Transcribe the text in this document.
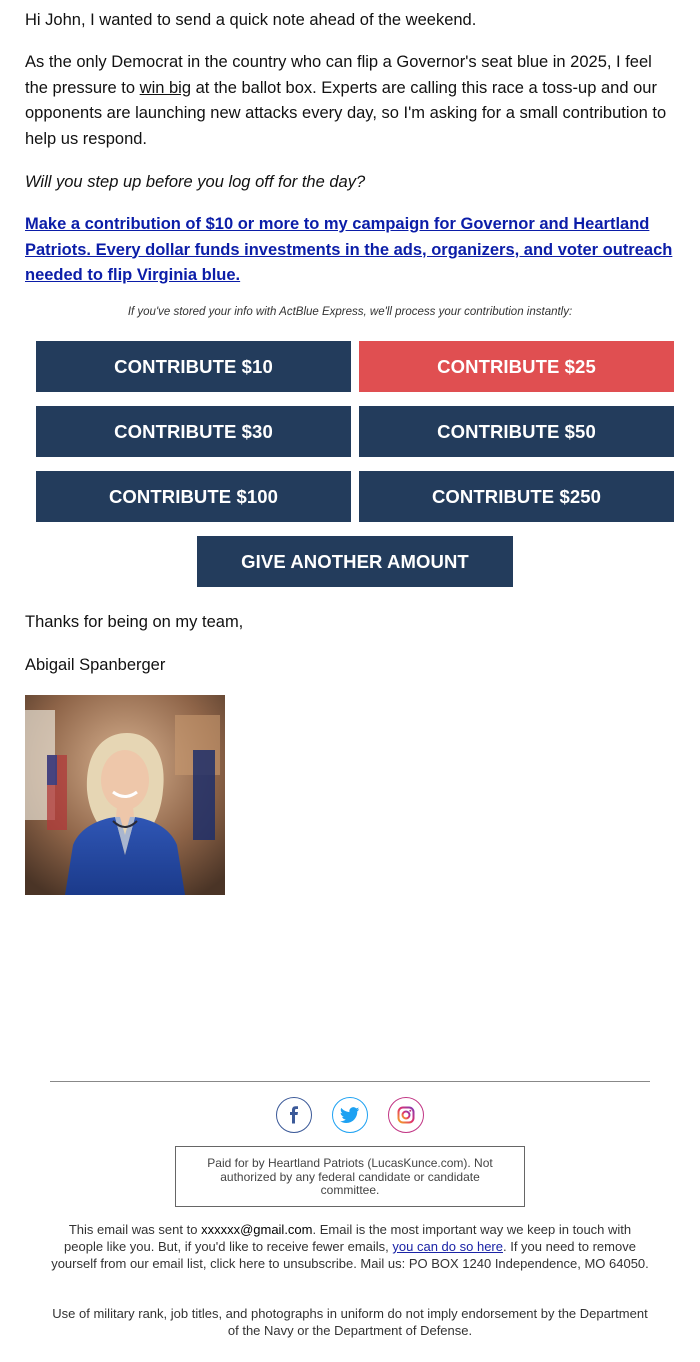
Hi John, I wanted to send a quick note ahead of the weekend.

As the only Democrat in the country who can flip a Governor's seat blue in 2025, I feel the pressure to win big at the ballot box. Experts are calling this race a toss-up and our opponents are launching new attacks every day, so I'm asking for a small contribution to help us respond.

Will you step up before you log off for the day?

Make a contribution of $10 or more to my campaign for Governor and Heartland Patriots. Every dollar funds investments in the ads, organizers, and voter outreach needed to flip Virginia blue.

If you've stored your info with ActBlue Express, we'll process your contribution instantly:

CONTRIBUTE $10	CONTRIBUTE $25
CONTRIBUTE $30	CONTRIBUTE $50
CONTRIBUTE $100	CONTRIBUTE $250
GIVE ANOTHER AMOUNT

Thanks for being on my team,

Abigail Spanberger

Paid for by Heartland Patriots (LucasKunce.com). Not authorized by any federal candidate or candidate committee.

This email was sent to xxxxxx@gmail.com. Email is the most important way we keep in touch with people like you. But, if you'd like to receive fewer emails, you can do so here. If you need to remove yourself from our email list, click here to unsubscribe. Mail us: PO BOX 1240 Independence, MO 64050.

Use of military rank, job titles, and photographs in uniform do not imply endorsement by the Department of the Navy or the Department of Defense.
